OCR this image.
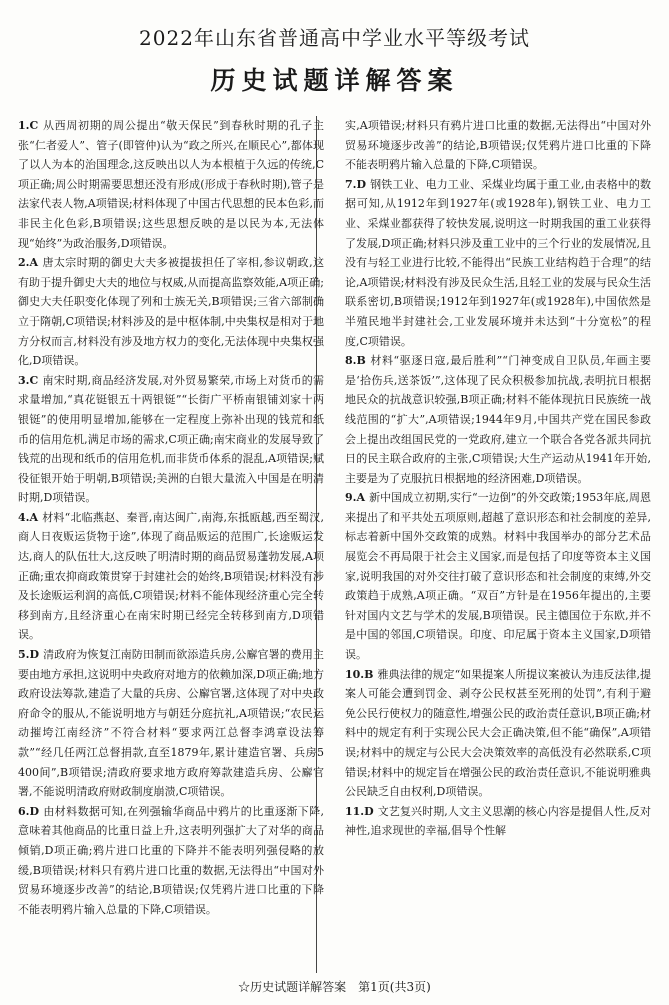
2022年山东省普通高中学业水平等级考试
历史试题详解答案
1.C 从西周初期的周公提出“敬天保民”到春秋时期的孔子主张“仁者爱人”、管子(即管仲)认为“政之所兴,在顺民心”,都体现了以人为本的治国理念,这反映出以人为本根植于久远的传统,C项正确;周公时期需要思想还没有形成(形成于春秋时期),管子是法家代表人物,A项错误;材料体现了中国古代思想的民本色彩,而非民主化色彩,B项错误;这些思想反映的是以民为本,无法体现“始终”为政治服务,D项错误。
2.A 唐太宗时期的御史大夫多被提拔担任了宰相,参议朝政,这有助于提升御史大夫的地位与权威,从而提高监察效能,A项正确;御史大夫任职变化体现了列和士族无关,B项错误;三省六部制确立于隋朝,C项错误;材料涉及的是中枢体制,中央集权是相对于地方分权而言,材料没有涉及地方权力的变化,无法体现中央集权强化,D项错误。
3.C 南宋时期,商品经济发展,对外贸易繁荣,市场上对货币的需求量增加,“真花铤银五十两银铤”“长街广平桥南银铺刘家十两银铤”的使用明显增加,能够在一定程度上弥补出现的钱荒和纸币的信用危机,满足市场的需求,C项正确;南宋商业的发展导致了钱荒的出现和纸币的信用危机,而非货币体系的混乱,A项错误;赋役征银开始于明朝,B项错误;美洲的白银大量流入中国是在明清时期,D项错误。
4.A 材料“北临燕赵、秦晋,南达闽广,南海,东抵瓯越,西至蜀汉,商人日夜贩运货物于途”,体现了商品贩运的范围广,长途贩运发达,商人的队伍壮大,这反映了明清时期的商品贸易蓬勃发展,A项正确;重农抑商政策贯穿于封建社会的始终,B项错误;材料没有涉及长途贩运利润的高低,C项错误;材料不能体现经济重心完全转移到南方,且经济重心在南宋时期已经完全转移到南方,D项错误。
5.D 清政府为恢复江南防田制而欲添造兵房,公廨官署的费用主要由地方承担,这说明中央政府对地方的依赖加深,D项正确;地方政府设法筹款,建造了大量的兵房、公廨官署,这体现了对中央政府命令的服从,不能说明地方与朝廷分庭抗礼,A项错误;“农民运动摧垮江南经济”不符合材料“要求两江总督李鸿章设法筹款”“经几任两江总督捐款,直至1879年,累计建造官署、兵房5 400间”,B项错误;清政府要求地方政府筹款建造兵房、公廨官署,不能说明清政府财政制度崩溃,C项错误。
6.D 由材料数据可知,在列强输华商品中鸦片的比重逐渐下降,意味着其他商品的比重日益上升,这表明列强扩大了对华的商品倾销,D项正确;鸦片进口比重的下降并不能表明列强侵略的放缓,B项错误;材料只有鸦片进口比重的数据,无法得出“中国对外贸易环境逐步改善”的结论,B项错误;仅凭鸦片进口比重的下降不能表明鸦片输入总量的下降,C项错误。
实,A项错误;材料只有鸦片进口比重的数据,无法得出“中国对外贸易环境逐步改善”的结论,B项错误;仅凭鸦片进口比重的下降不能表明鸦片输入总量的下降,C项错误。
7.D 钢铁工业、电力工业、采煤业均属于重工业,由表格中的数据可知,从1912年到1927年(或1928年),钢铁工业、电力工业、采煤业都获得了较快发展,说明这一时期我国的重工业获得了发展,D项正确;材料只涉及重工业中的三个行业的发展情况,且没有与轻工业进行比较,不能得出“民族工业结构趋于合理”的结论,A项错误;材料没有涉及民众生活,且轻工业的发展与民众生活联系密切,B项错误;1912年到1927年(或1928年),中国依然是半殖民地半封建社会,工业发展环境并未达到“十分宽松”的程度,C项错误。
8.B 材料“驱逐日寇,最后胜利”“门神变成自卫队员,年画主要是‘拾伤兵,送茶饭’”,这体现了民众积极参加抗战,表明抗日根据地民众的抗战意识较强,B项正确;材料不能体现抗日民族统一战线范围的“扩大”,A项错误;1944年9月,中国共产党在国民参政会上提出改组国民党的一党政府,建立一个联合各党各派共同抗日的民主联合政府的主张,C项错误;大生产运动从1941年开始,主要是为了克服抗日根据地的经济困难,D项错误。
9.A 新中国成立初期,实行“一边倒”的外交政策;1953年底,周恩来提出了和平共处五项原则,超越了意识形态和社会制度的差异,标志着新中国外交政策的成熟。材料中我国举办的部分艺术品展览会不再局限于社会主义国家,而是包括了印度等资本主义国家,说明我国的对外交往打破了意识形态和社会制度的束缚,外交政策趋于成熟,A项正确。“双百”方针是在1956年提出的,主要针对国内文艺与学术的发展,B项错误。民主德国位于东欧,并不是中国的邻国,C项错误。印度、印尼属于资本主义国家,D项错误。
10.B 雅典法律的规定“如果提案人所提议案被认为违反法律,提案人可能会遭到罚金、剥夺公民权甚至死刑的处罚”,有利于避免公民行使权力的随意性,增强公民的政治责任意识,B项正确;材料中的规定有利于实现公民大会正确决策,但不能“确保”,A项错误;材料中的规定与公民大会决策效率的高低没有必然联系,C项错误;材料中的规定旨在增强公民的政治责任意识,不能说明雅典公民缺乏自由权利,D项错误。
11.D 文艺复兴时期,人文主义思潮的核心内容是提倡人性,反对神性,追求现世的幸福,倡导个性解
☆历史试题详解答案　第1页(共3页)
